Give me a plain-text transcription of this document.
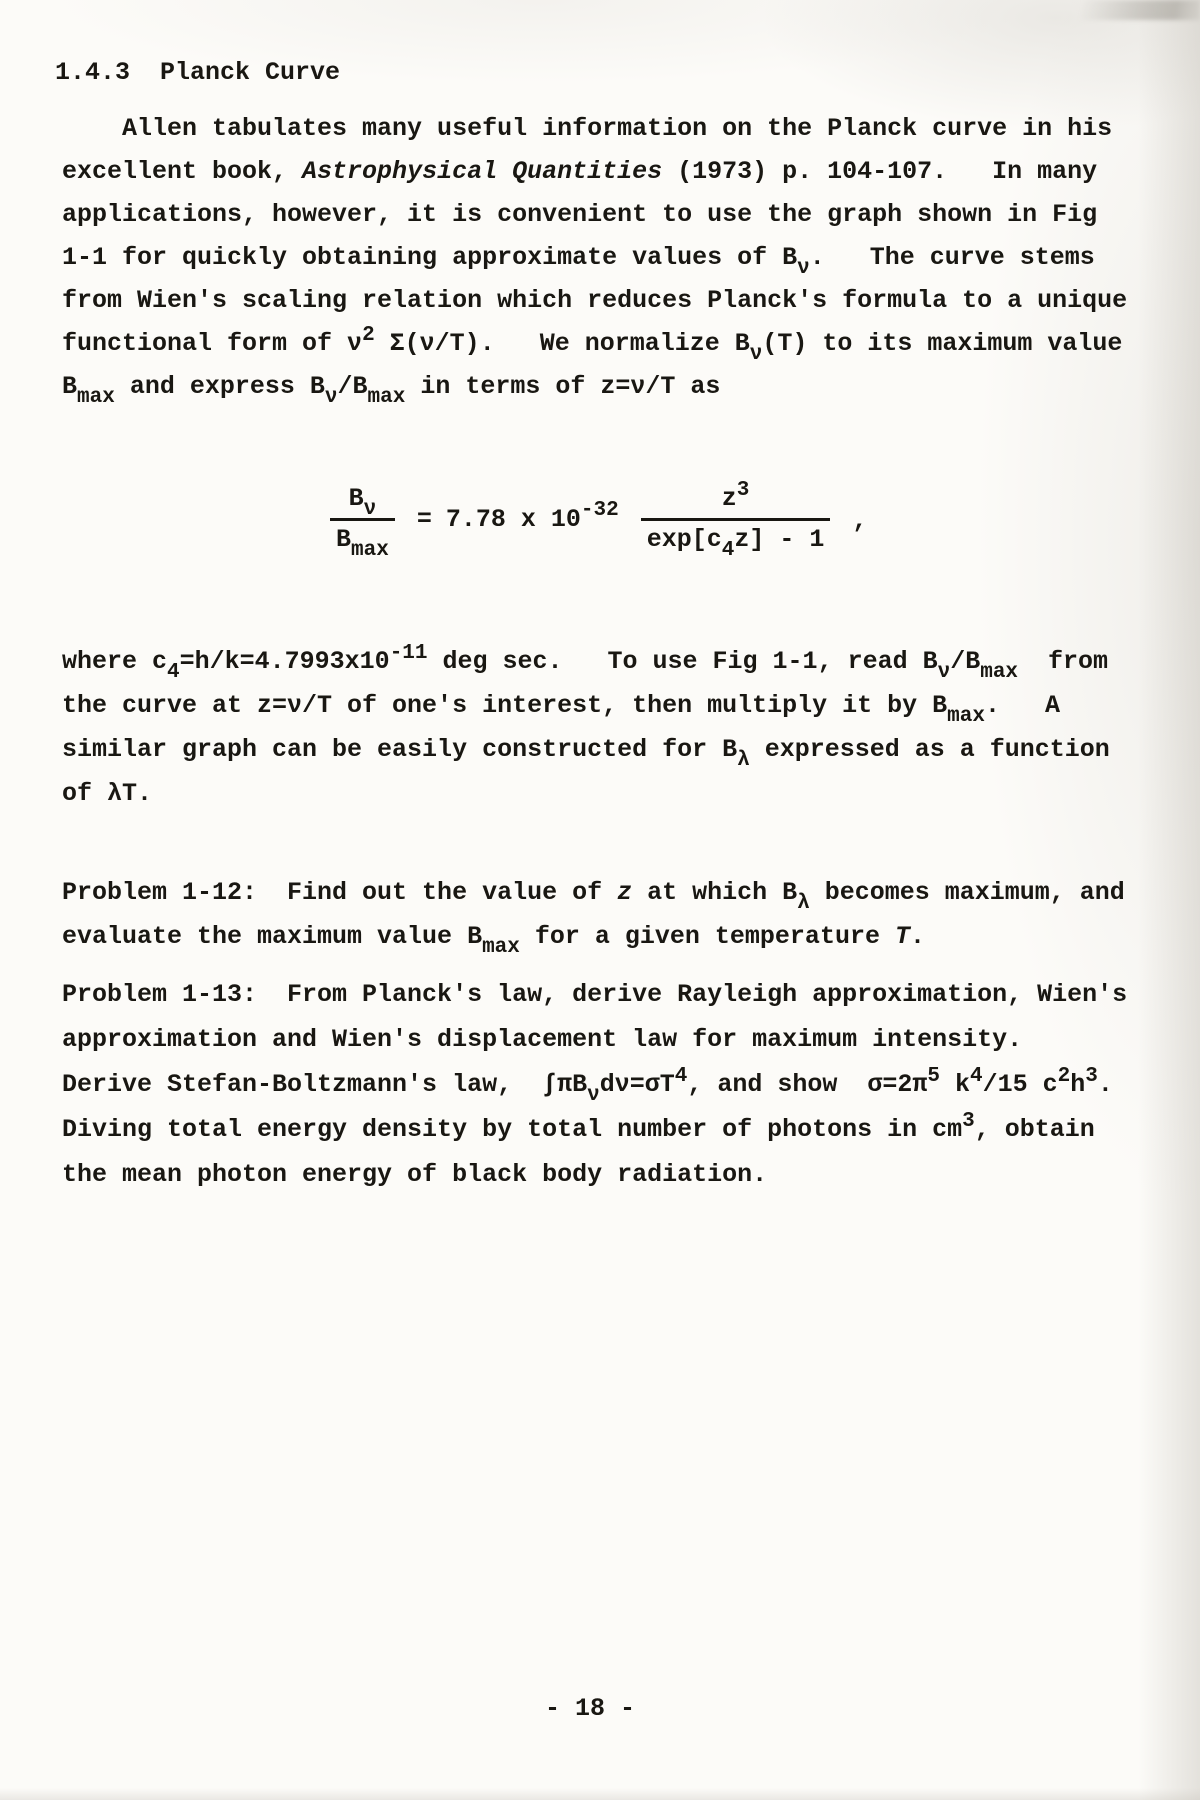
1.4.3  Planck Curve
Allen tabulates many useful information on the Planck curve in his
excellent book, Astrophysical Quantities (1973) p. 104-107.   In many
applications, however, it is convenient to use the graph shown in Fig
1-1 for quickly obtaining approximate values of $B_\nu$.   The curve stems
from Wien's scaling relation which reduces Planck's formula to a unique
functional form of $\nu^2$ Σ(ν/T).   We normalize $B_\nu(T)$ to its maximum value
$B_{max}$ and express $B_\nu/B_{max}$ in terms of z=ν/T as
where $c_4=h/k=4.7993x10^{-11}$ deg sec.   To use Fig 1-1, read $B_\nu/B_{max}$  from
the curve at z=ν/T of one's interest, then multiply it by $B_{max}$.   A
similar graph can be easily constructed for $B_\lambda$ expressed as a function
of λT.
Problem 1-12:  Find out the value of z at which $B_\lambda$ becomes maximum, and
evaluate the maximum value $B_{max}$ for a given temperature T.
Problem 1-13:  From Planck's law, derive Rayleigh approximation, Wien's
approximation and Wien's displacement law for maximum intensity.
Derive Stefan-Boltzmann's law,  $\int\pi B_\nu d\nu=\sigma T^4$, and show  $\sigma=2\pi^5$ $k^4/15$ $c^2h^3$.
Diving total energy density by total number of photons in $cm^3$, obtain
the mean photon energy of black body radiation.
$\frac{B_\nu}{B_{max}} = 7.78$ x $10^{-32} \frac{z^3}{\exp[c_4z] - 1}$ ,
- 18 -
